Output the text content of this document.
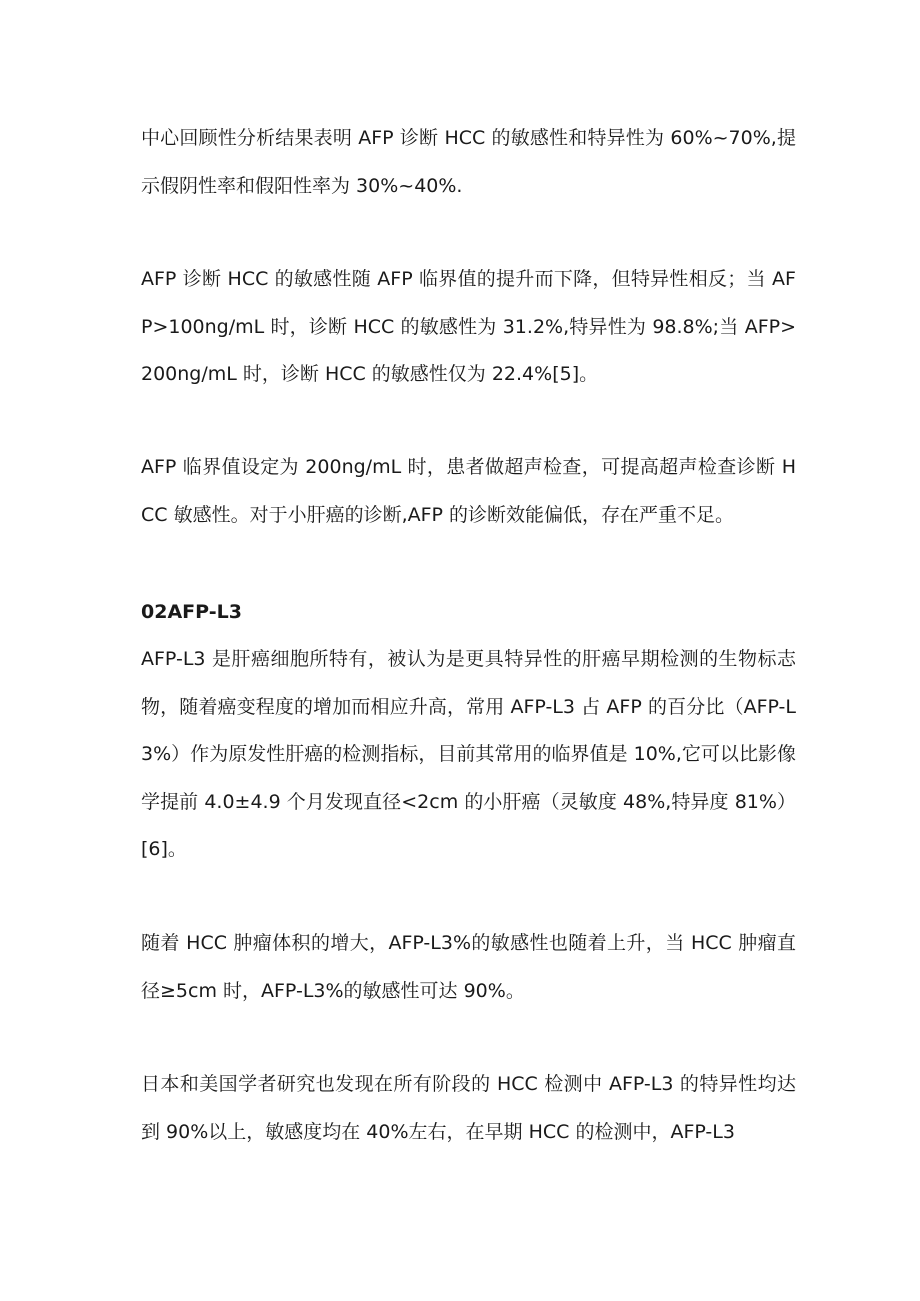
中心回顾性分析结果表明 AFP 诊断 HCC 的敏感性和特异性为 60%~70%,提示假阴性率和假阳性率为 30%~40%.

AFP 诊断 HCC 的敏感性随 AFP 临界值的提升而下降，但特异性相反；当 AFP>100ng/mL 时，诊断 HCC 的敏感性为 31.2%,特异性为 98.8%;当 AFP>200ng/mL 时，诊断 HCC 的敏感性仅为 22.4%[5]。

AFP 临界值设定为 200ng/mL 时，患者做超声检查，可提高超声检查诊断 HCC 敏感性。对于小肝癌的诊断,AFP 的诊断效能偏低，存在严重不足。

02AFP-L3

AFP-L3 是肝癌细胞所特有，被认为是更具特异性的肝癌早期检测的生物标志物，随着癌变程度的增加而相应升高，常用 AFP-L3 占 AFP 的百分比（AFP-L3%）作为原发性肝癌的检测指标，目前其常用的临界值是 10%,它可以比影像学提前 4.0±4.9 个月发现直径<2cm 的小肝癌（灵敏度 48%,特异度 81%）[6]。

随着 HCC 肿瘤体积的增大，AFP-L3%的敏感性也随着上升，当 HCC 肿瘤直径≥5cm 时，AFP-L3%的敏感性可达 90%。

日本和美国学者研究也发现在所有阶段的 HCC 检测中 AFP-L3 的特异性均达到 90%以上，敏感度均在 40%左右，在早期 HCC 的检测中，AFP-L3
